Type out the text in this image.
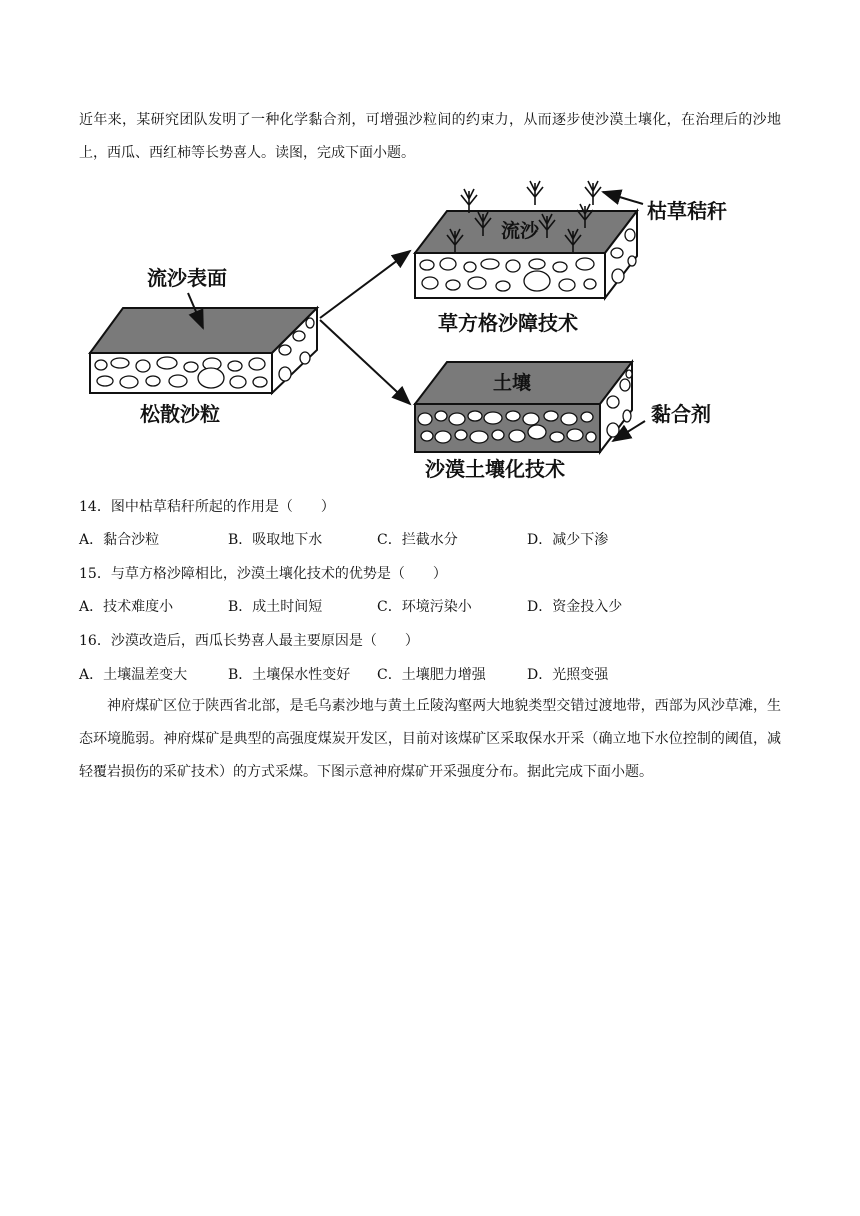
近年来，某研究团队发明了一种化学黏合剂，可增强沙粒间的约束力，从而逐步使沙漠土壤化，在治理后的沙地上，西瓜、西红柿等长势喜人。读图，完成下面小题。

流沙表面
松散沙粒
流沙
枯草秸秆
草方格沙障技术
土壤
黏合剂
沙漠土壤化技术

14．图中枯草秸秆所起的作用是（　　）

A．黏合沙粒	B．吸取地下水	C．拦截水分	D．减少下渗

15．与草方格沙障相比，沙漠土壤化技术的优势是（　　）

A．技术难度小	B．成土时间短	C．环境污染小	D．资金投入少

16．沙漠改造后，西瓜长势喜人最主要原因是（　　）

A．土壤温差变大	B．土壤保水性变好 C．土壤肥力增强	D．光照变强

神府煤矿区位于陕西省北部，是毛乌素沙地与黄土丘陵沟壑两大地貌类型交错过渡地带，西部为风沙草滩，生态环境脆弱。神府煤矿是典型的高强度煤炭开发区，目前对该煤矿区采取保水开采（确立地下水位控制的阈值，减轻覆岩损伤的采矿技术）的方式采煤。下图示意神府煤矿开采强度分布。据此完成下面小题。
